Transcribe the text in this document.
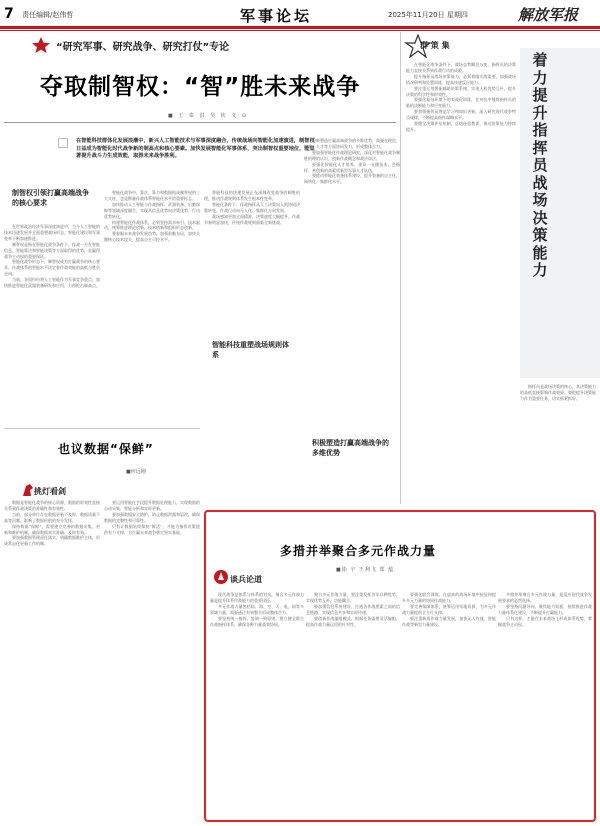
7 责任编辑/赵伟哲	军事论坛	2025年11月20日 星期四	解放军报
“研究军事、研究战争、研究打仗”专论
夺取制智权：“智”胜未来战争
■ 王 泰 洪 吴 钦 文 ⊙
在智能科技群体化发展浪潮中，新兴人工智能技术与军事深度融合，传统战场向智能化加速演进，制智权日益成为智能化时代战争新的制高点和核心要素。加快发展智能化军事体系，突出制智权重要地位，能显著提升战斗力生成效能，取得未来战争胜利。
在世界政治经济军事深度演进中，当今人工智能的技术迅速发展并全面重塑战场形态，智能化建设和军事变革不断加速推进。
制智权是指在智能化战争条件下，作战一方在智能信息、智能算法和智能决策等方面取得的优势，是赢得战争主动权的重要保证。
智能化战争形态下，制智权成为打赢战争的核心要求，作战体系的智能水平决定着作战效能的高低与胜负走向。
当前，各国纷纷将人工智能作为军事竞争重点，加快推进智能化武器装备研发和应用，力图抢占制高点。
制智权引领打赢高端战争的核心要求
智能化战争中，算法、算力和数据构成制智权的三大支柱，也是衡量作战体系智能化水平的重要标志。
加快推动人工智能与作战指挥、武器装备、后勤保障等领域深度融合，实现从信息优势向决策优势、行动优势转化。
构建智能化作战体系，必须坚持需求牵引、技术驱动，统筹推进理论创新、技术创新和组织形态创新。
要着眼未来战争发展趋势，加强前瞻布局，加快关键核心技术攻关，提高自主可控水平。
智能科技的快速发展正在深刻改变战争的制胜机理，推动作战规则体系发生根本性变革。
智能化条件下，作战指挥从人工决策向人机协同决策转变，作战行动向无人化、集群化方向发展。
战场感知更加全面精准，决策速度大幅提升，作战节奏明显加快，传统作战规则面临全新挑战。
智能科技重塑战场规则体系
积极塑造打赢高端战争的多维优势，需要在理论、技术、人才等方面协同发力，形成整体合力。
要加强智能化作战理论研究，深化对智能化战争制胜机理的认识，创新作战概念和战法训法。
要强化智能化人才培养，建设一支懂技术、会指挥、善创新的高素质新型军事人才队伍。
要推动智能化装备体系建设，提升装备的自主化、网络化、集群化水平。
积极塑造打赢高端战争的多维优势
群 策 集
着力提升指挥员战场决策能力
在智能化战争条件下，战场态势瞬息万变，指挥员的决策能力直接关系到作战行动的成败。
提升指挥员战场决策能力，必须着眼实战需要，加强战场情况研判和处置训练，提高快速反应能力。
要注重运用智能辅助决策系统，实现人机优势互补，提升决策的科学性和时效性。
要强化复杂环境下的实战化训练，在对抗中锤炼指挥员的临机决断能力和应变能力。
要加强指挥员理论学习和知识更新，深入研究现代战争特点规律，不断提高指挥谋略水平。
要健全决策评估机制，总结经验教训，推动决策能力持续提升。
指挥员是战场决策的核心，其决策能力的高低直接影响作战效果。要把提升决策能力作为重要任务，切实抓紧抓好。
也议数据“保鲜”
■何远刚
挑灯看剑
数据是智能化战争的核心资源，数据的时效性直接关系到作战决策的准确性和有效性。
当前，部分单位存在数据更新不及时、数据质量不高等问题，影响了数据价值的充分发挥。
保持数据“保鲜”，需要建立完善的数据采集、更新和维护机制，确保数据真实准确、及时有效。
要加强数据管理责任落实，明确数据维护主体，形成常态化更新工作机制。
要运用智能化手段提升数据处理能力，实现数据的自动采集、智能分析和实时更新。
要加强数据安全防护，防止数据泄露和篡改，确保数据的完整性和可靠性。
只有让数据始终保持“鲜活”，才能为指挥决策提供有力支撑，为打赢未来战争奠定坚实基础。
多措并举聚合多元作战力量
■徐 宇 王利飞 郑 蕴
谈兵论道
现代战争是体系与体系的对抗，聚合多元作战力量是提升体系作战能力的重要途径。
多元作战力量包括陆、海、空、天、电、网等多领域力量，需要通过有效整合形成整体合力。
要坚持统一指挥、协调一致原则，建立健全联合作战指挥体系，确保各种力量高效协同。
聚合多元作战力量，要注重发挥各军兵种优势，实现优势互补、功能耦合。
要加强信息系统建设，打通各作战要素之间的信息链路，实现信息共享和实时传递。
要创新作战编组模式，根据任务需要灵活编组，提高作战力量运用的针对性。
要强化联合训练，在逼真的战场环境中检验和提升多元力量的协同作战能力。
要完善保障体系，统筹运用军地资源，为多元作战力量提供全方位支撑。
要注重新质作战力量发展，加快无人作战、智能作战等新型力量建设。
多措并举聚合多元作战力量，是适应现代战争发展要求的必然选择。
要坚持问题导向，聚焦能力短板，持续推进作战力量体系化建设，不断提升打赢能力。
只有这样，才能在未来战场上形成体系优势，掌握战争主动权。
